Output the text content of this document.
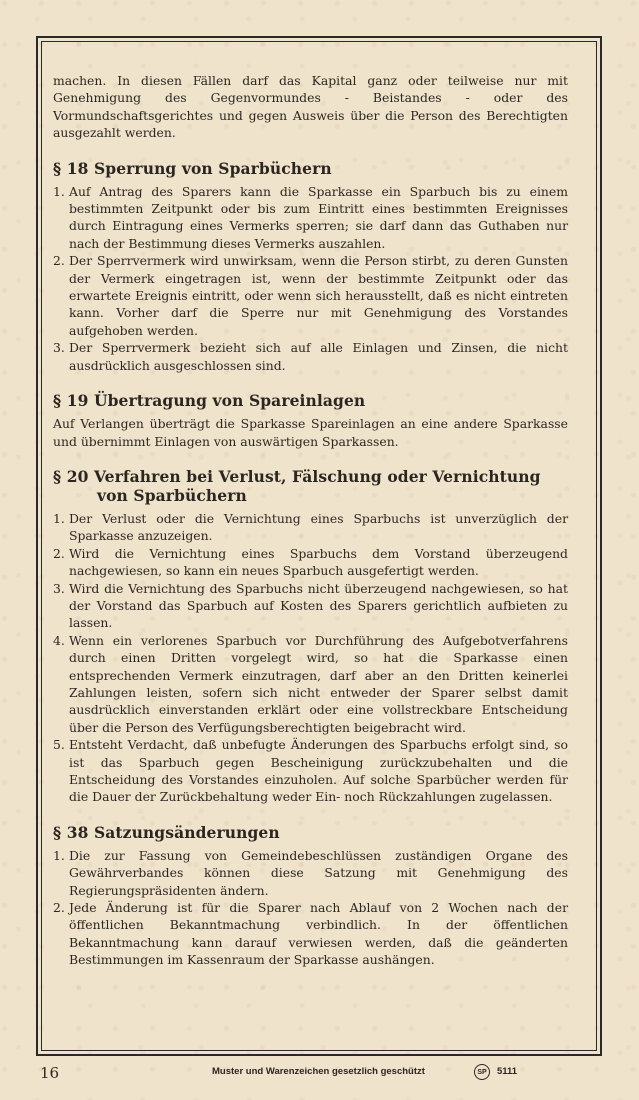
machen. In diesen Fällen darf das Kapital ganz oder teilweise nur mit Genehmigung des Gegenvormundes - Beistandes - oder des Vormundschaftsgerichtes und gegen Ausweis über die Person des Berechtigten ausgezahlt werden.

§ 18 Sperrung von Sparbüchern
1. Auf Antrag des Sparers kann die Sparkasse ein Sparbuch bis zu einem bestimmten Zeitpunkt oder bis zum Eintritt eines bestimmten Ereignisses durch Eintragung eines Vermerks sperren; sie darf dann das Guthaben nur nach der Bestimmung dieses Vermerks auszahlen.
2. Der Sperrvermerk wird unwirksam, wenn die Person stirbt, zu deren Gunsten der Vermerk eingetragen ist, wenn der bestimmte Zeitpunkt oder das erwartete Ereignis eintritt, oder wenn sich herausstellt, daß es nicht eintreten kann. Vorher darf die Sperre nur mit Genehmigung des Vorstandes aufgehoben werden.
3. Der Sperrvermerk bezieht sich auf alle Einlagen und Zinsen, die nicht ausdrücklich ausgeschlossen sind.
§ 19 Übertragung von Spareinlagen

Auf Verlangen überträgt die Sparkasse Spareinlagen an eine andere Sparkasse und übernimmt Einlagen von auswärtigen Sparkassen.

§ 20 Verfahren bei Verlust, Fälschung oder Vernichtung
von Sparbüchern
1. Der Verlust oder die Vernichtung eines Sparbuchs ist unverzüglich der Sparkasse anzuzeigen.
2. Wird die Vernichtung eines Sparbuchs dem Vorstand überzeugend nachgewiesen, so kann ein neues Sparbuch ausgefertigt werden.
3. Wird die Vernichtung des Sparbuchs nicht überzeugend nachgewiesen, so hat der Vorstand das Sparbuch auf Kosten des Sparers gerichtlich aufbieten zu lassen.
4. Wenn ein verlorenes Sparbuch vor Durchführung des Aufgebotverfahrens durch einen Dritten vorgelegt wird, so hat die Sparkasse einen entsprechenden Vermerk einzutragen, darf aber an den Dritten keinerlei Zahlungen leisten, sofern sich nicht entweder der Sparer selbst damit ausdrücklich einverstanden erklärt oder eine vollstreckbare Entscheidung über die Person des Verfügungsberechtigten beigebracht wird.
5. Entsteht Verdacht, daß unbefugte Änderungen des Sparbuchs erfolgt sind, so ist das Sparbuch gegen Bescheinigung zurückzubehalten und die Entscheidung des Vorstandes einzuholen. Auf solche Sparbücher werden für die Dauer der Zurückbehaltung weder Ein- noch Rückzahlungen zugelassen.
§ 38 Satzungsänderungen
1. Die zur Fassung von Gemeindebeschlüssen zuständigen Organe des Gewährverbandes können diese Satzung mit Genehmigung des Regierungspräsidenten ändern.
2. Jede Änderung ist für die Sparer nach Ablauf von 2 Wochen nach der öffentlichen Bekanntmachung verbindlich. In der öffentlichen Bekanntmachung kann darauf verwiesen werden, daß die geänderten Bestimmungen im Kassenraum der Sparkasse aushängen.
16	Muster und Warenzeichen gesetzlich geschützt	SP	5111
